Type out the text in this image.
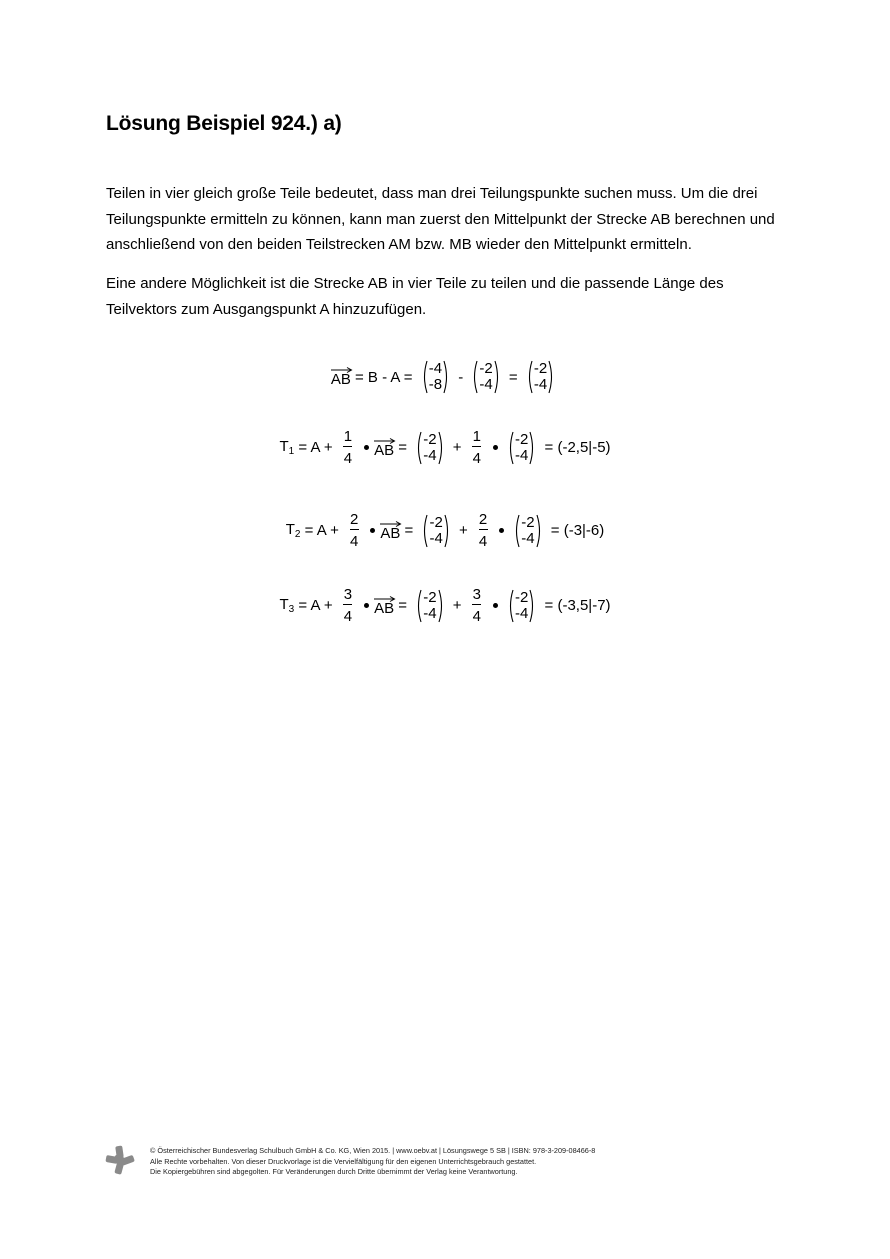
Lösung Beispiel 924.) a)
Teilen in vier gleich große Teile bedeutet, dass man drei Teilungspunkte suchen muss. Um die drei Teilungspunkte ermitteln zu können, kann man zuerst den Mittelpunkt der Strecke AB berechnen und anschließend von den beiden Teilstrecken AM bzw. MB wieder den Mittelpunkt ermitteln.
Eine andere Möglichkeit ist die Strecke AB in vier Teile zu teilen und die passende Länge des Teilvektors zum Ausgangspunkt A hinzuzufügen.
AB = B - A = -4
-8 - -2
-4 = -2
-4
$T_1 = A + \frac{1}{4}$ AB = -2
$-4 + \frac{1}{4} -2$
-4 = (-2,5|-5)
$T_2 = A + \frac{2}{4}$ AB = -2
$-4 + \frac{2}{4} -2$
-4 = (-3|-6)
$T_3 = A + \frac{3}{4}$ AB = -2
$-4 + \frac{3}{4} -2$
-4 = (-3,5|-7)
© Österreichischer Bundesverlag Schulbuch GmbH & Co. KG, Wien 2015. | www.oebv.at | Lösungswege 5 SB | ISBN: 978-3-209-08466-8
Alle Rechte vorbehalten. Von dieser Druckvorlage ist die Vervielfältigung für den eigenen Unterrichtsgebrauch gestattet.
Die Kopiergebühren sind abgegolten. Für Veränderungen durch Dritte übernimmt der Verlag keine Verantwortung.
